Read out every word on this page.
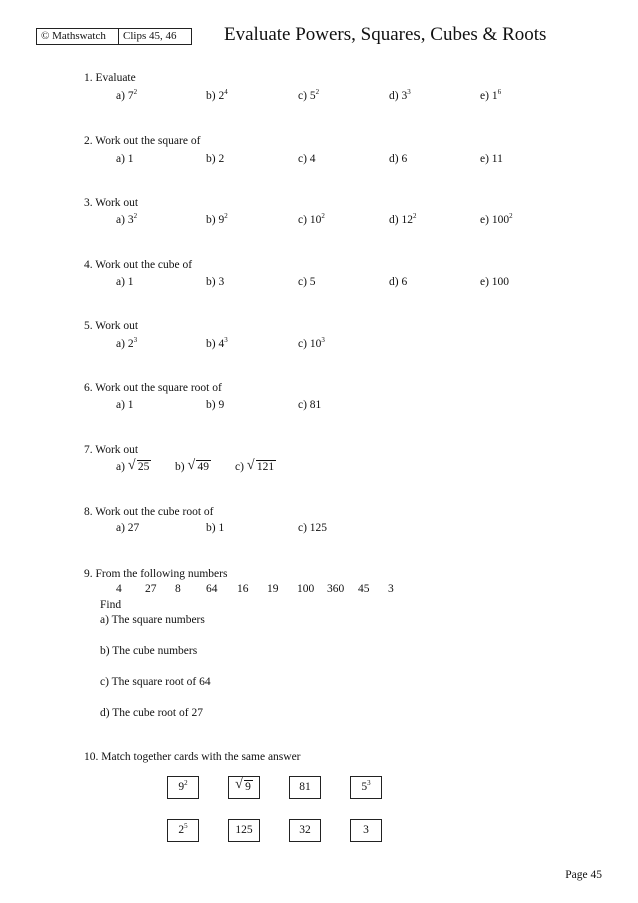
© Mathswatch	Clips 45, 46	Evaluate Powers, Squares, Cubes & Roots
1. Evaluate
a) $7^2$	b) $2^4$	c) $5^2$	d) $3^3$	e) $1^6$
2. Work out the square of
a) 1	b) 2	c) 4	d) 6	e) 11
3. Work out
a) $3^2$	b) $9^2$	c) $10^2$	d) $12^2$	e) $100^2$
4. Work out the cube of
a) 1	b) 3	c) 5	d) 6	e) 100
5. Work out
a) $2^3$	b) $4^3$	c) $10^3$
6. Work out the square root of
a) 1	b) 9	c) 81
7. Work out
a) √ 25 b) √ 49 c) √ 121
8. Work out the cube root of
a) 27	b) 1	c) 125
9. From the following numbers
4 27 8 64 16 19 100 360 45 3
Find
a) The square numbers
b) The cube numbers
c) The square root of 64
d) The cube root of 27
10. Match together cards with the same answer
$9^2$	√ 9	81	$5^3$
$2^5$	125	32	3
Page 45
